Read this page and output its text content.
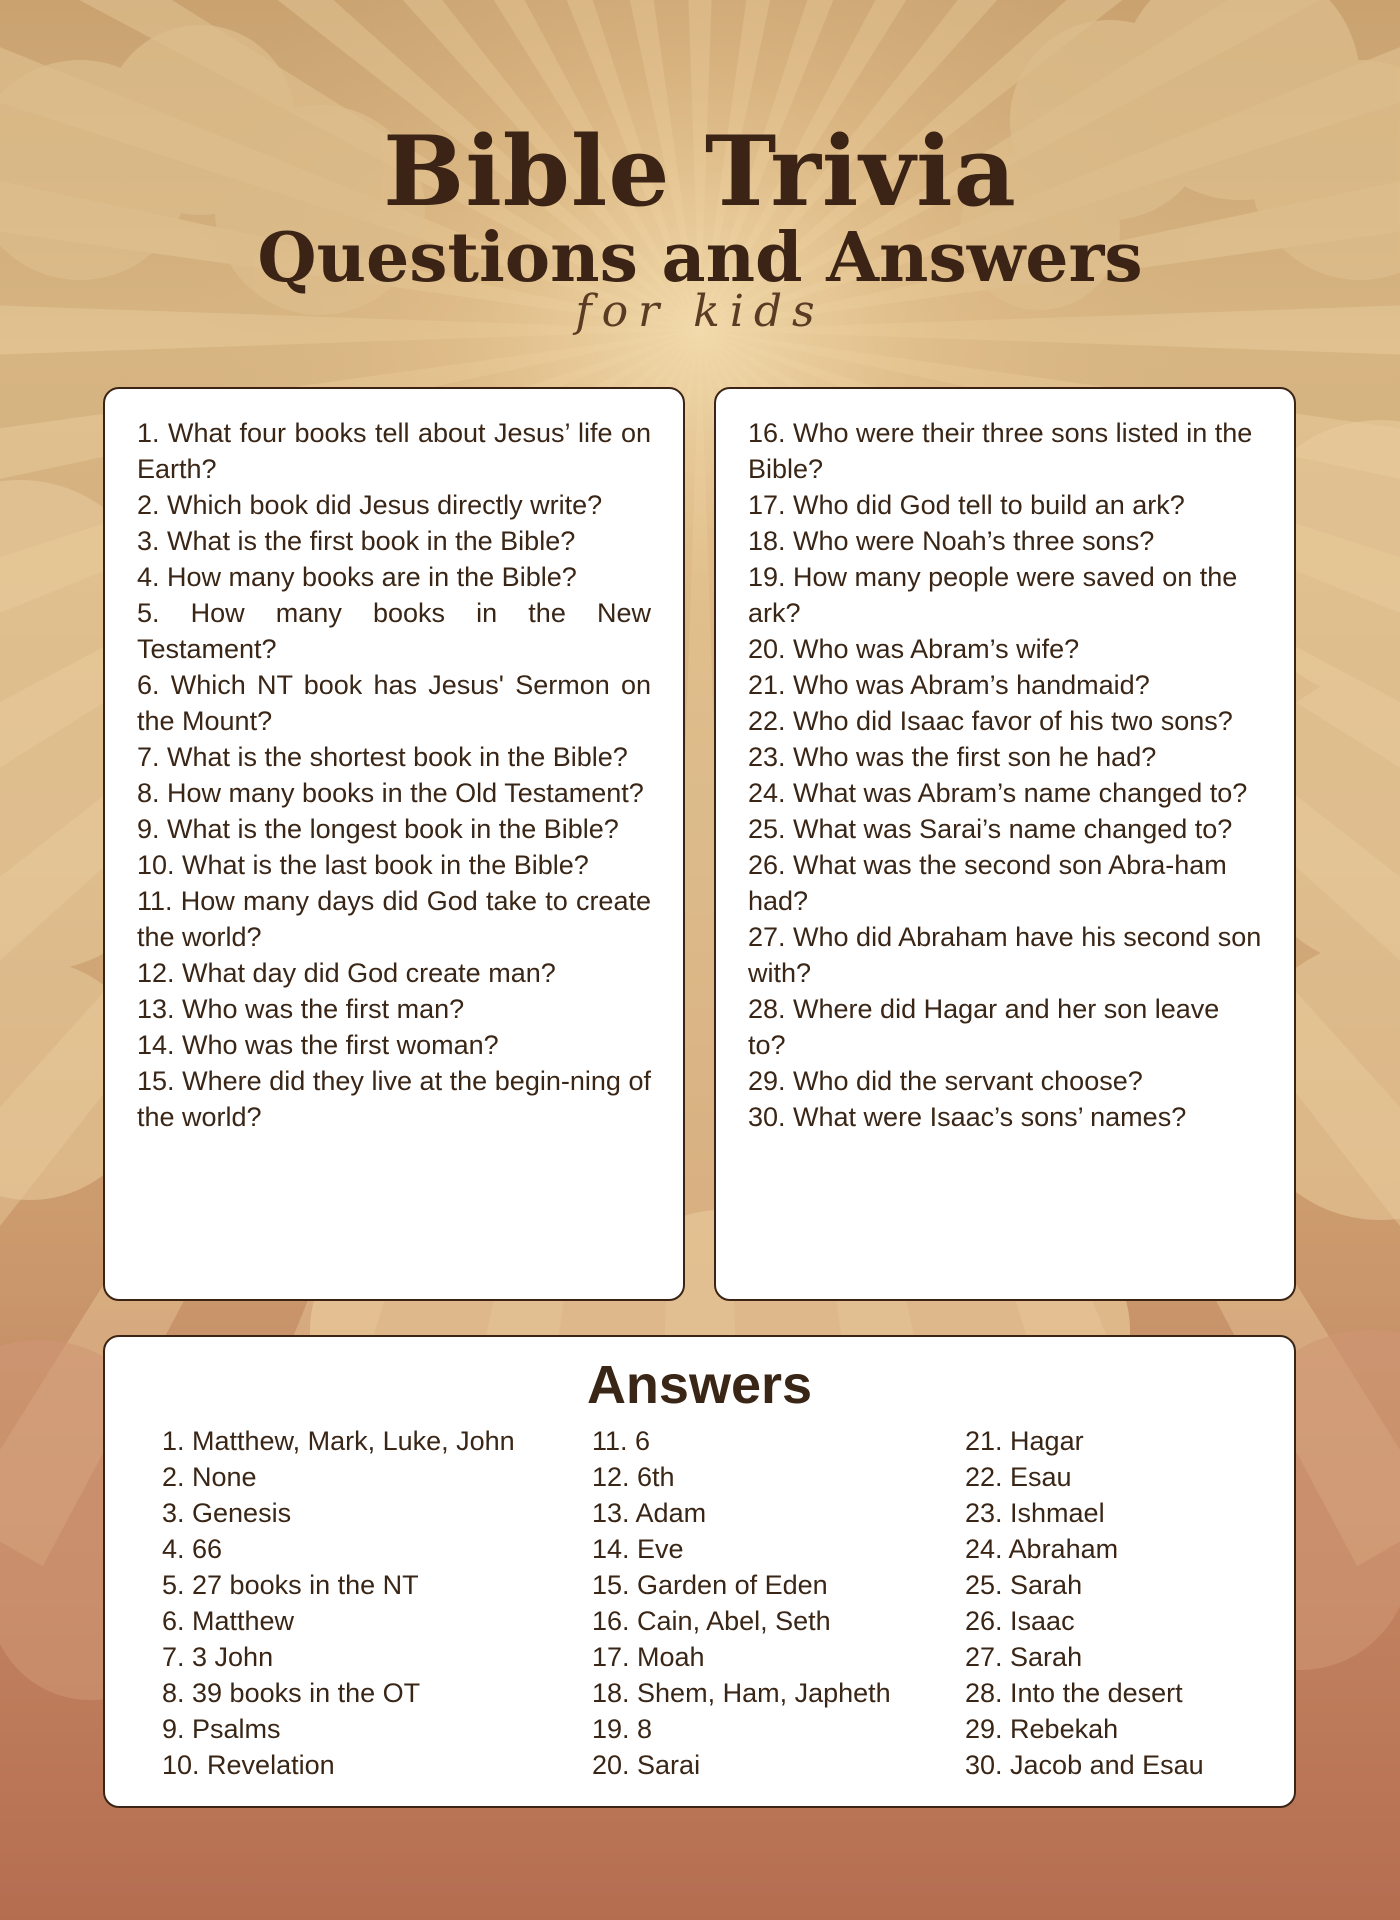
Bible Trivia
Questions and Answers
for kids

1. What four books tell about Jesus’ life on Earth?

2. Which book did Jesus directly write?

3. What is the first book in the Bible?

4. How many books are in the Bible?

5. How many books in the New Testament?

6. Which NT book has Jesus' Sermon on the Mount?

7. What is the shortest book in the Bible?

8. How many books in the Old Testament?

9. What is the longest book in the Bible?

10. What is the last book in the Bible?

11. How many days did God take to create the world?

12. What day did God create man?

13. Who was the first man?

14. Who was the first woman?

15. Where did they live at the begin-ning of the world?

16. Who were their three sons listed in the Bible?

17. Who did God tell to build an ark?

18. Who were Noah’s three sons?

19. How many people were saved on the ark?

20. Who was Abram’s wife?

21. Who was Abram’s handmaid?

22. Who did Isaac favor of his two sons?

23. Who was the first son he had?

24. What was Abram’s name changed to?

25. What was Sarai’s name changed to?

26. What was the second son Abra-ham had?

27. Who did Abraham have his second son with?

28. Where did Hagar and her son leave to?

29. Who did the servant choose?

30. What were Isaac’s sons’ names?

Answers
1. Matthew, Mark, Luke, John
2. None
3. Genesis
4. 66
5. 27 books in the NT
6. Matthew
7. 3 John
8. 39 books in the OT
9. Psalms
10. Revelation
11. 6
12. 6th
13. Adam
14. Eve
15. Garden of Eden
16. Cain, Abel, Seth
17. Moah
18. Shem, Ham, Japheth
19. 8
20. Sarai
21. Hagar
22. Esau
23. Ishmael
24. Abraham
25. Sarah
26. Isaac
27. Sarah
28. Into the desert
29. Rebekah
30. Jacob and Esau
